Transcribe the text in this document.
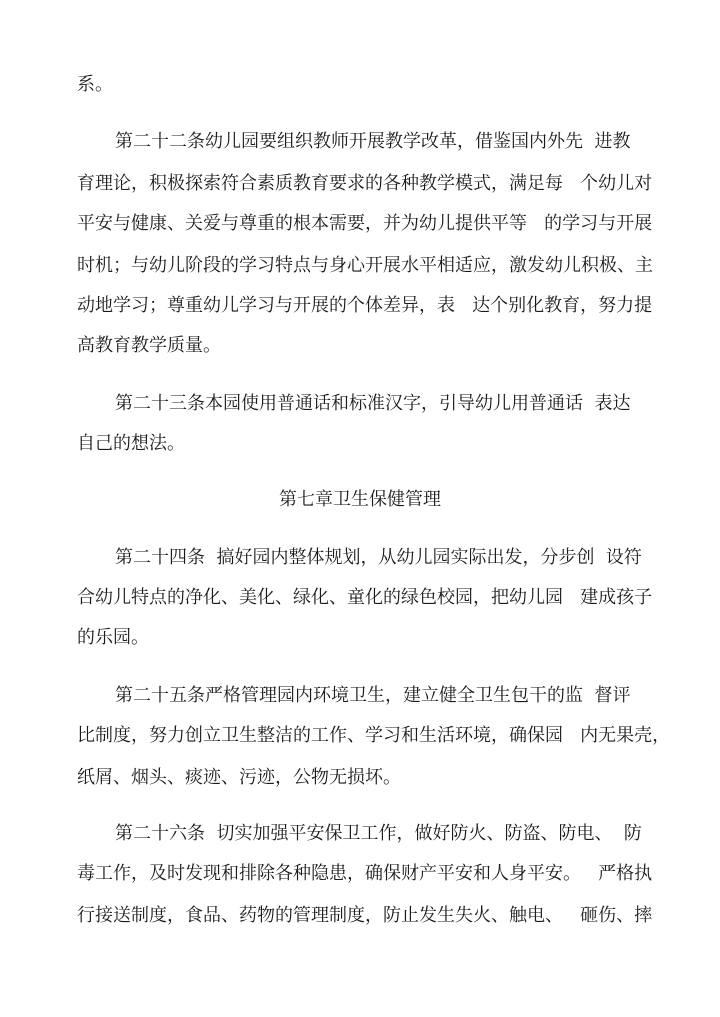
系。
第二十二条幼儿园要组织教师开展教学改革，借鉴国内外先  进教
育理论，积极探索符合素质教育要求的各种教学模式，满足每   个幼儿对
平安与健康、关爱与尊重的根本需要，并为幼儿提供平等   的学习与开展
时机；与幼儿阶段的学习特点与身心开展水平相适应，激发幼儿积极、主
动地学习；尊重幼儿学习与开展的个体差异，表   达个别化教育，努力提
高教育教学质量。
第二十三条本园使用普通话和标准汉字，引导幼儿用普通话  表达
自己的想法。
第七章卫生保健管理
第二十四条  搞好园内整体规划，从幼儿园实际出发，分步创  设符
合幼儿特点的净化、美化、绿化、童化的绿色校园，把幼儿园   建成孩子
的乐园。
第二十五条严格管理园内环境卫生，建立健全卫生包干的监  督评
比制度，努力创立卫生整洁的工作、学习和生活环境，确保园   内无果壳，
纸屑、烟头、痰迹、污迹，公物无损坏。
第二十六条  切实加强平安保卫工作，做好防火、防盗、防电、  防
毒工作，及时发现和排除各种隐患，确保财产平安和人身平安。   严格执
行接送制度，食品、药物的管理制度，防止发生失火、触电、   砸伤、摔
